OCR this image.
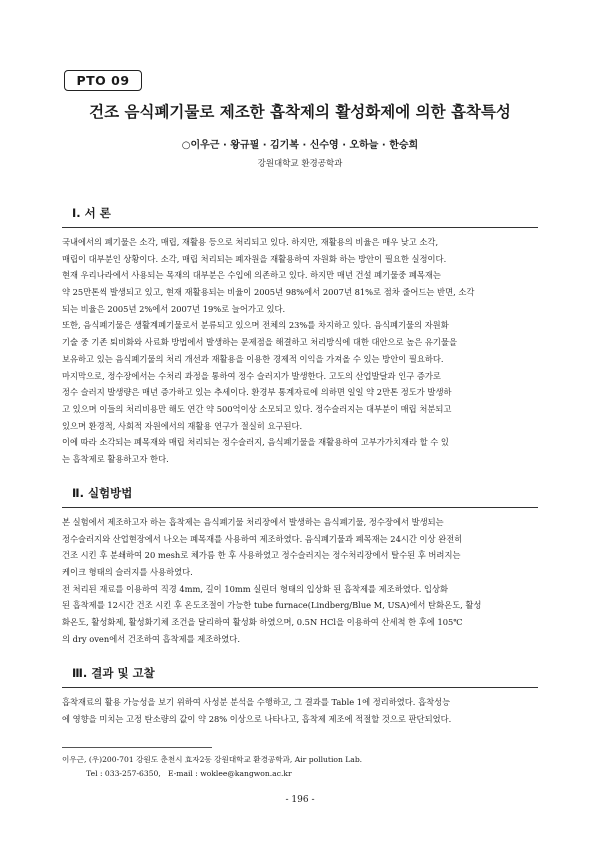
PTO 09
건조 음식폐기물로 제조한 흡착제의 활성화제에 의한 흡착특성
○이우근 · 왕규필 · 김기복 · 신수영 · 오하늘 · 한승희
강원대학교 환경공학과
Ⅰ. 서 론
국내에서의 폐기물은 소각, 매립, 재활용 등으로 처리되고 있다. 하지만, 재활용의 비율은 매우 낮고 소각,
매립이 대부분인 상황이다. 소각, 매립 처리되는 폐자원을 재활용하여 자원화 하는 방안이 필요한 실정이다.
현재 우리나라에서 사용되는 목재의 대부분은 수입에 의존하고 있다. 하지만 매년 건설 폐기물중 폐목재는
약 25만톤씩 발생되고 있고, 현재 재활용되는 비율이 2005년 98%에서 2007년 81%로 점차 줄어드는 반면, 소각
되는 비율은 2005년 2%에서 2007년 19%로 늘어가고 있다.
또한, 음식폐기물은 생활계폐기물로서 분류되고 있으며 전체의 23%를 차지하고 있다. 음식폐기물의 자원화
기술 중 기존 퇴비화와 사료화 방법에서 발생하는 문제점을 해결하고 처리방식에 대한 대안으로 높은 유기물을
보유하고 있는 음식폐기물의 처리 개선과 재활용을 이용한 경제적 이익을 가져올 수 있는 방안이 필요하다.
마지막으로, 정수장에서는 수처리 과정을 통하여 정수 슬러지가 발생한다. 고도의 산업발달과 인구 증가로
정수 슬러지 발생량은 매년 증가하고 있는 추세이다. 환경부 통계자료에 의하면 일일 약 2만톤 정도가 발생하
고 있으며 이들의 처리비용만 해도 연간 약 500억이상 소모되고 있다. 정수슬러지는 대부분이 매립 처분되고
있으며 환경적, 사회적 자원에서의 재활용 연구가 절실히 요구된다.
이에 따라 소각되는 폐목재와 매립 처리되는 정수슬러지, 음식폐기물을 재활용하여 고부가가치재라 할 수 있
는 흡착제로 활용하고자 한다.
Ⅱ. 실험방법
본 실험에서 제조하고자 하는 흡착제는 음식폐기물 처리장에서 발생하는 음식폐기물, 정수장에서 발생되는
정수슬러지와 산업현장에서 나오는 폐목재를 사용하여 제조하였다. 음식폐기물과 폐목재는 24시간 이상 완전히
건조 시킨 후 분쇄하여 20 mesh로 체가름 한 후 사용하였고 정수슬러지는 정수처리장에서 탈수된 후 버려지는
케이크 형태의 슬러지를 사용하였다.
전 처리된 재료를 이용하여 직경 4mm, 길이 10mm 실린더 형태의 입상화 된 흡착제를 제조하였다. 입상화
된 흡착제를 12시간 건조 시킨 후 온도조절이 가능한 tube furnace(Lindberg/Blue M, USA)에서 탄화온도, 활성
화온도, 활성화제, 활성화기체 조건을 달리하여 활성화 하였으며, 0.5N HCl을 이용하여 산세척 한 후에 105℃
의 dry oven에서 건조하여 흡착제를 제조하였다.
Ⅲ. 결과 및 고찰
흡착재료의 활용 가능성을 보기 위하여 사성분 분석을 수행하고, 그 결과를 Table 1에 정리하였다. 흡착성능
에 영향을 미치는 고정 탄소량의 값이 약 28% 이상으로 나타나고, 흡착제 제조에 적절할 것으로 판단되었다.
이우근, (우)200-701 강원도 춘천시 효자2동 강원대학교 환경공학과, Air pollution Lab.
Tel : 033-257-6350,   E-mail : woklee@kangwon.ac.kr
- 196 -
